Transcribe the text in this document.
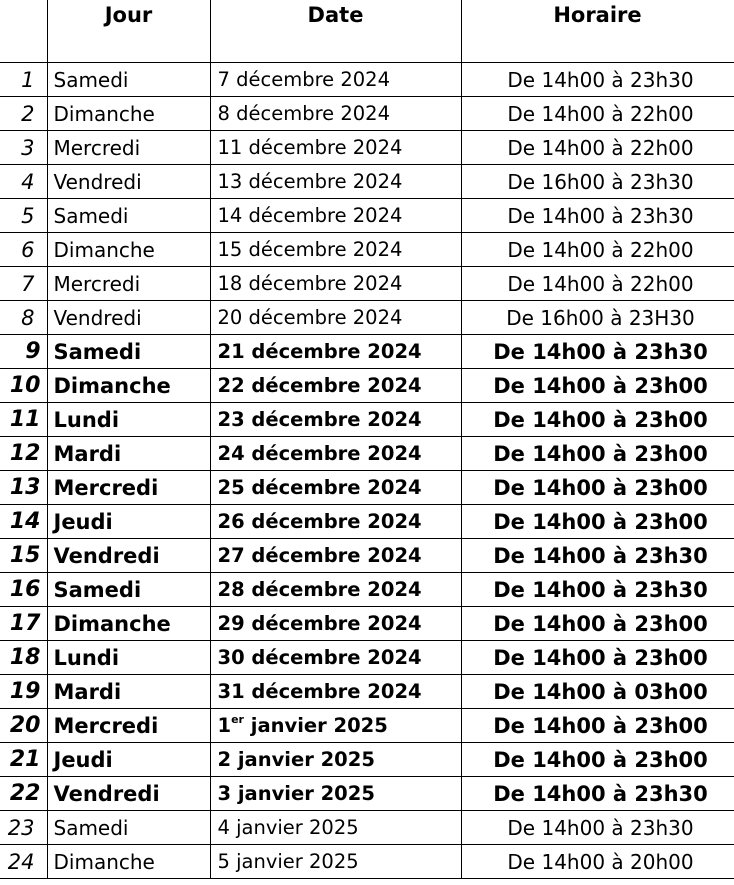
	Jour	Date	Horaire
1	Samedi	7 décembre 2024	De 14h00 à 23h30
2	Dimanche	8 décembre 2024	De 14h00 à 22h00
3	Mercredi	11 décembre 2024	De 14h00 à 22h00
4	Vendredi	13 décembre 2024	De 16h00 à 23h30
5	Samedi	14 décembre 2024	De 14h00 à 23h30
6	Dimanche	15 décembre 2024	De 14h00 à 22h00
7	Mercredi	18 décembre 2024	De 14h00 à 22h00
8	Vendredi	20 décembre 2024	De 16h00 à 23H30
9	Samedi	21 décembre 2024	De 14h00 à 23h30
10	Dimanche	22 décembre 2024	De 14h00 à 23h00
11	Lundi	23 décembre 2024	De 14h00 à 23h00
12	Mardi	24 décembre 2024	De 14h00 à 23h00
13	Mercredi	25 décembre 2024	De 14h00 à 23h00
14	Jeudi	26 décembre 2024	De 14h00 à 23h00
15	Vendredi	27 décembre 2024	De 14h00 à 23h30
16	Samedi	28 décembre 2024	De 14h00 à 23h30
17	Dimanche	29 décembre 2024	De 14h00 à 23h00
18	Lundi	30 décembre 2024	De 14h00 à 23h00
19	Mardi	31 décembre 2024	De 14h00 à 03h00
20	Mercredi	1er janvier 2025	De 14h00 à 23h00
21	Jeudi	2 janvier 2025	De 14h00 à 23h00
22	Vendredi	3 janvier 2025	De 14h00 à 23h30
23	Samedi	4 janvier 2025	De 14h00 à 23h30
24	Dimanche	5 janvier 2025	De 14h00 à 20h00
